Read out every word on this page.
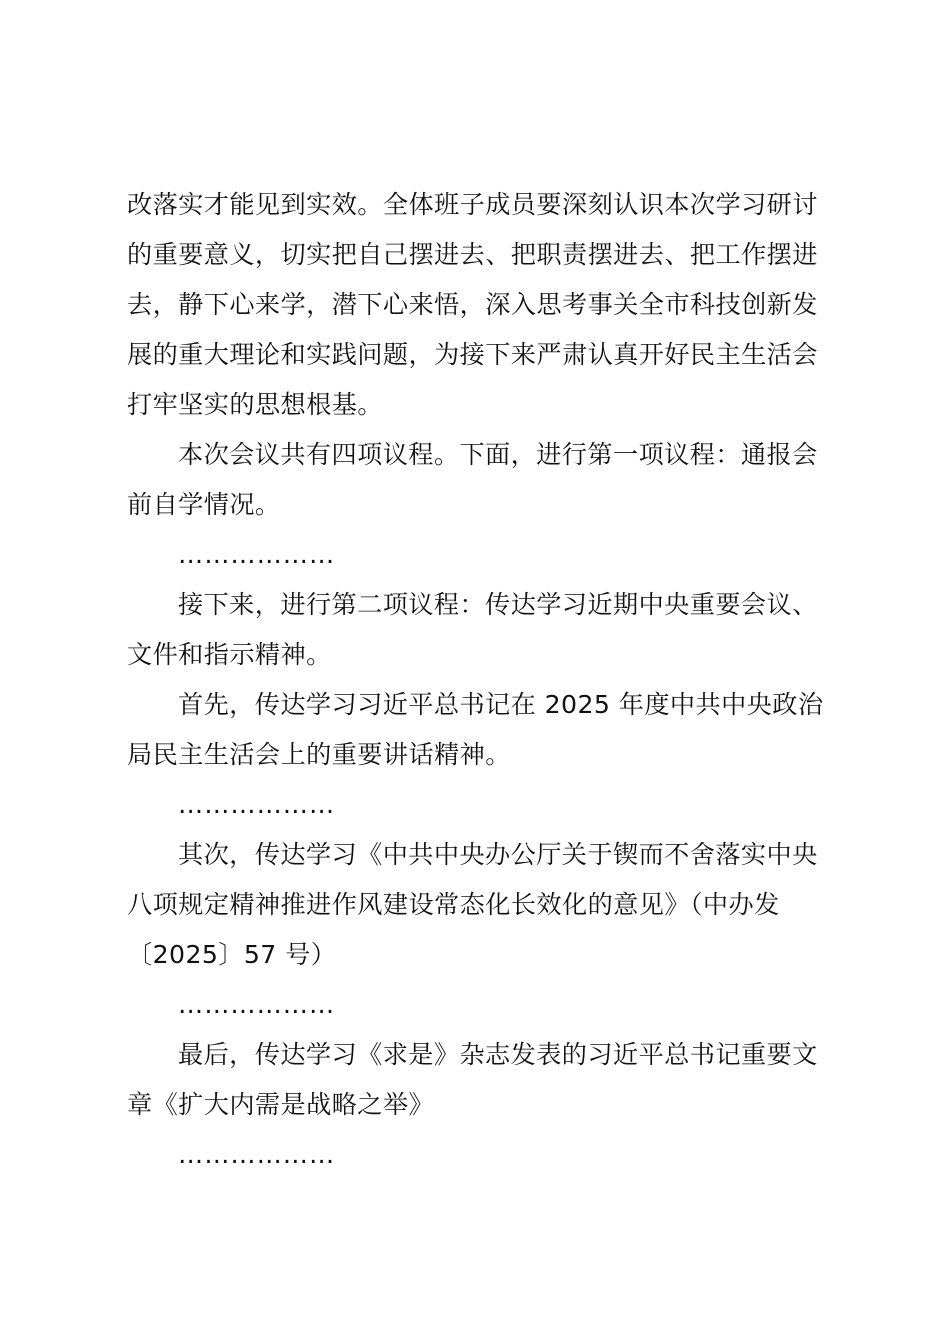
改落实才能见到实效。全体班子成员要深刻认识本次学习研讨
的重要意义，切实把自己摆进去、把职责摆进去、把工作摆进
去，静下心来学，潜下心来悟，深入思考事关全市科技创新发
展的重大理论和实践问题，为接下来严肃认真开好民主生活会
打牢坚实的思想根基。
本次会议共有四项议程。下面，进行第一项议程：通报会
前自学情况。
………………
接下来，进行第二项议程：传达学习近期中央重要会议、
文件和指示精神。
首先，传达学习习近平总书记在 2025 年度中共中央政治
局民主生活会上的重要讲话精神。
………………
其次，传达学习《中共中央办公厅关于锲而不舍落实中央
八项规定精神推进作风建设常态化长效化的意见》（中办发
〔2025〕57 号）
………………
最后，传达学习《求是》杂志发表的习近平总书记重要文
章《扩大内需是战略之举》
………………
